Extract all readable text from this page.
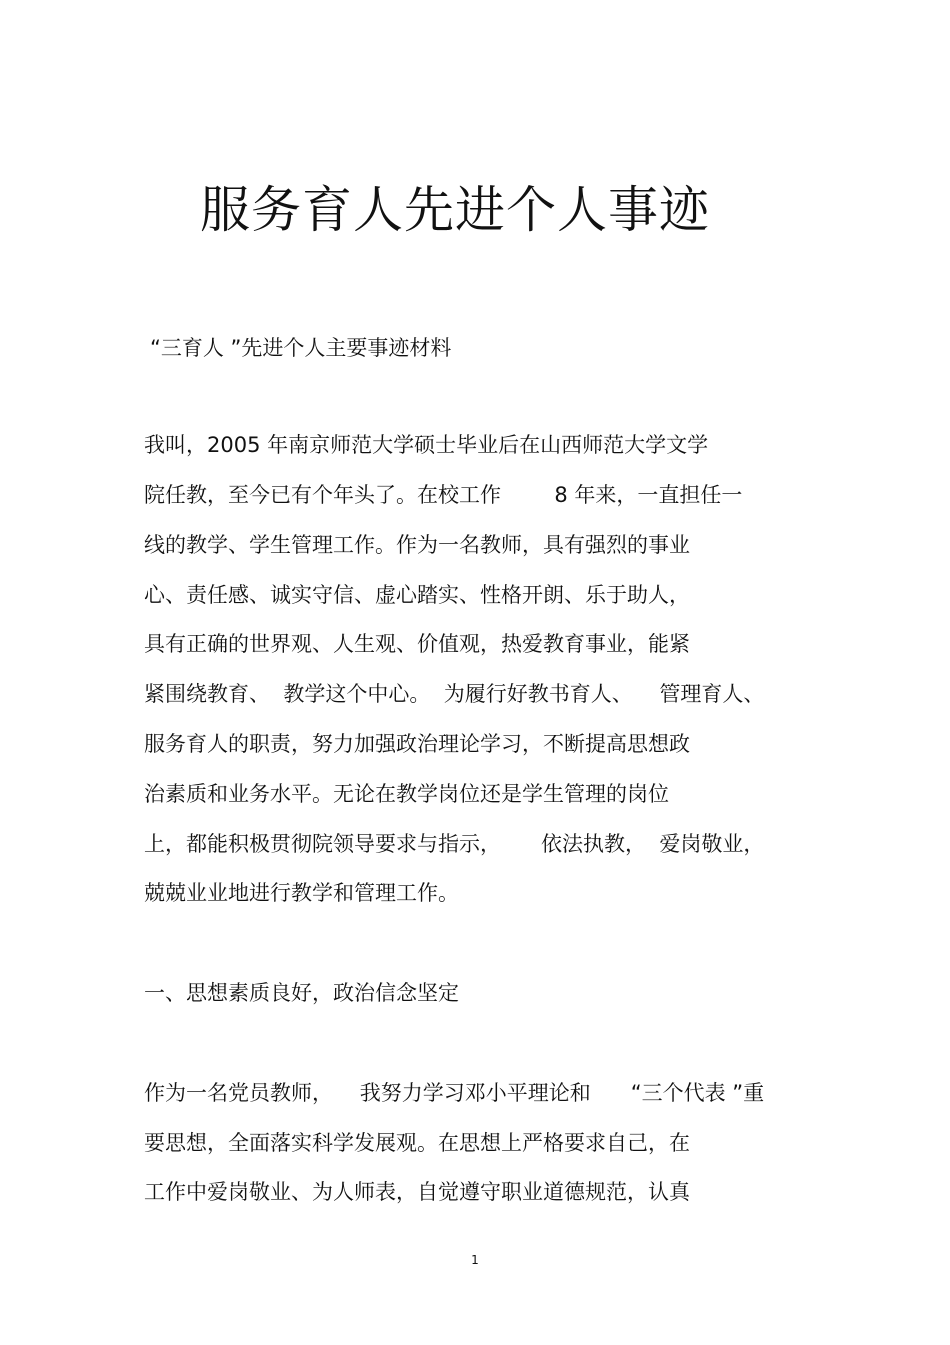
服务育人先进个人事迹
“三育人 ”先进个人主要事迹材料
我叫，2005 年南京师范大学硕士毕业后在山西师范大学文学
院任教，至今已有个年头了。在校工作        8 年来，一直担任一
线的教学、学生管理工作。作为一名教师，具有强烈的事业
心、责任感、诚实守信、虚心踏实、性格开朗、乐于助人，
具有正确的世界观、人生观、价值观，热爱教育事业，能紧
紧围绕教育、  教学这个中心。  为履行好教书育人、    管理育人、
服务育人的职责，努力加强政治理论学习，不断提高思想政
治素质和业务水平。无论在教学岗位还是学生管理的岗位
上，都能积极贯彻院领导要求与指示，      依法执教，  爱岗敬业，
兢兢业业地进行教学和管理工作。
一、思想素质良好，政治信念坚定
作为一名党员教师，    我努力学习邓小平理论和      “三个代表 ”重
要思想，全面落实科学发展观。在思想上严格要求自己，在
工作中爱岗敬业、为人师表，自觉遵守职业道德规范，认真
1
